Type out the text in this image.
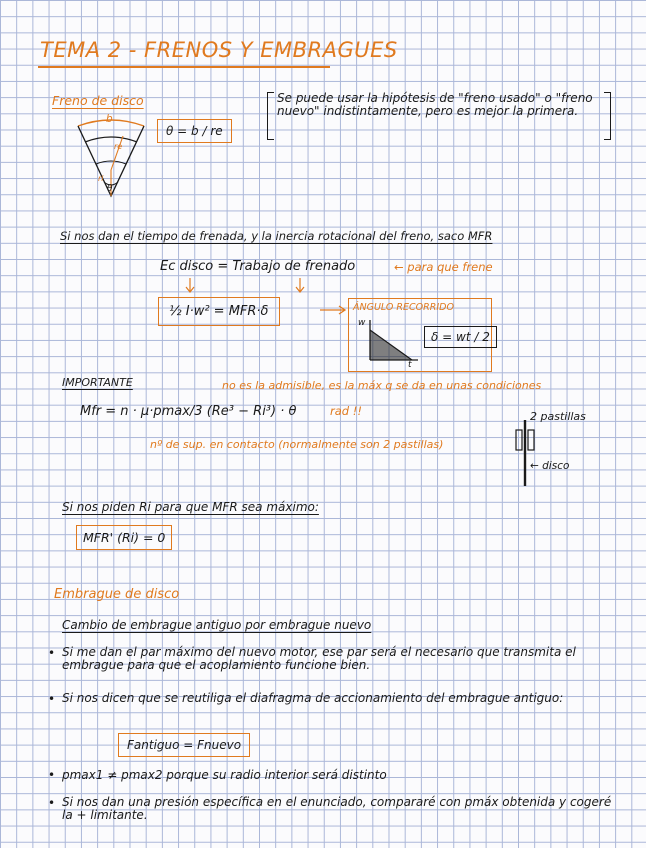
TEMA 2 - FRENOS Y EMBRAGUES
Freno de disco
b
re
ri
θ
θ = b / re
Se puede usar la hipótesis de "freno usado" o "freno nuevo" indistintamente, pero es mejor la primera.
Si nos dan el tiempo de frenada, y la inercia rotacional del freno, saco MFR
Ec disco = Trabajo de frenado	← para que frene
½ I·w² = MFR·δ	ÁNGULO RECORRIDO
w
t
δ = wt / 2
IMPORTANTE	no es la admisible, es la máx q se da en unas condiciones
Mfr = n · μ·pmax/3 (Re³ − Ri³) · θ	rad !!
nº de sup. en contacto (normalmente son 2 pastillas)
2 pastillas
← disco
Si nos piden Ri para que MFR sea máximo:
MFR' (Ri) = 0
Embrague de disco
Cambio de embrague antiguo por embrague nuevo
• Si me dan el par máximo del nuevo motor, ese par será el necesario que transmita el embrague para que el acoplamiento funcione bien.
• Si nos dicen que se reutiliga el diafragma de accionamiento del embrague antiguo:
Fantiguo = Fnuevo
• pmax1 ≠ pmax2 porque su radio interior será distinto
• Si nos dan una presión específica en el enunciado, compararé con pmáx obtenida y cogeré la + limitante.
